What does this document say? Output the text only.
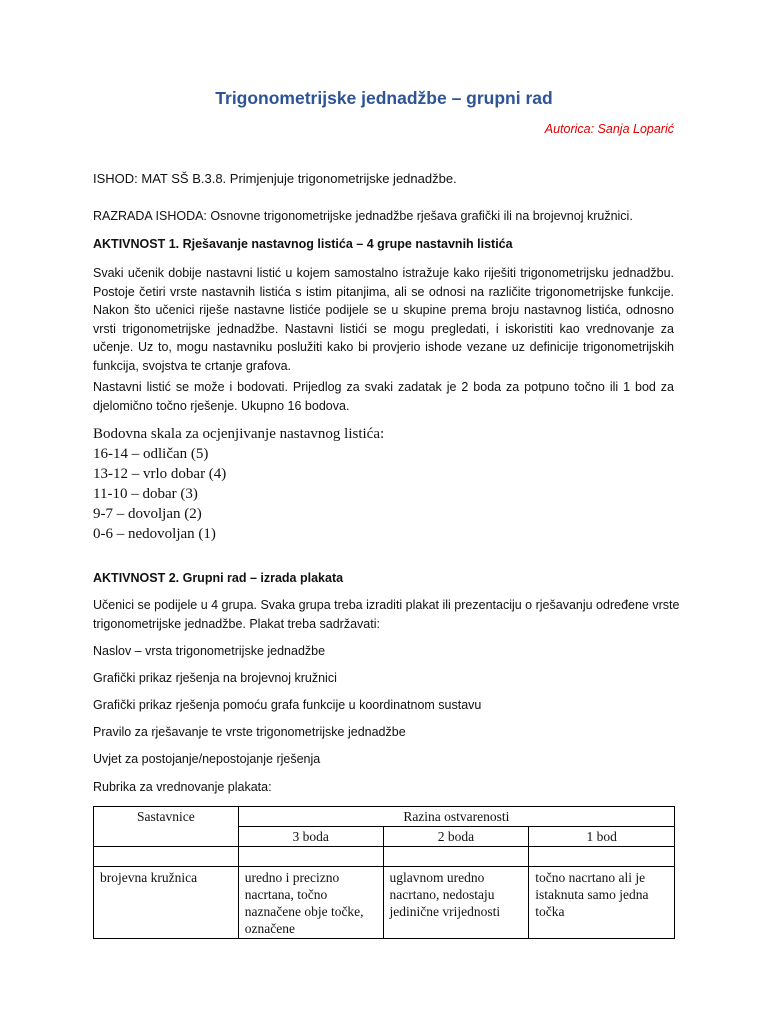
Trigonometrijske jednadžbe – grupni rad
Autorica: Sanja Loparić
ISHOD: MAT SŠ B.3.8. Primjenjuje trigonometrijske jednadžbe.
RAZRADA ISHODA: Osnovne trigonometrijske jednadžbe rješava grafički ili na brojevnoj kružnici.
AKTIVNOST 1. Rješavanje nastavnog listića – 4 grupe nastavnih listića
Svaki učenik dobije nastavni listić u kojem samostalno istražuje kako riješiti trigonometrijsku jednadžbu. Postoje četiri vrste nastavnih listića s istim pitanjima, ali se odnosi na različite trigonometrijske funkcije. Nakon što učenici riješe nastavne listiće podijele se u skupine prema broju nastavnog listića, odnosno vrsti trigonometrijske jednadžbe. Nastavni listići se mogu pregledati, i iskoristiti kao vrednovanje za učenje. Uz to, mogu nastavniku poslužiti kako bi provjerio ishode vezane uz definicije trigonometrijskih funkcija, svojstva te crtanje grafova.
Nastavni listić se može i bodovati. Prijedlog za svaki zadatak je 2 boda za potpuno točno ili 1 bod za djelomično točno rješenje. Ukupno 16 bodova.
Bodovna skala za ocjenjivanje nastavnog listića:
16-14 – odličan (5)
13-12 – vrlo dobar (4)
11-10 – dobar (3)
9-7 – dovoljan (2)
0-6 – nedovoljan (1)
AKTIVNOST 2. Grupni rad – izrada plakata
Učenici se podijele u 4 grupa. Svaka grupa treba izraditi plakat ili prezentaciju o rješavanju određene vrste trigonometrijske jednadžbe. Plakat treba sadržavati:
Naslov – vrsta trigonometrijske jednadžbe
Grafički prikaz rješenja na brojevnoj kružnici
Grafički prikaz rješenja pomoću grafa funkcije u koordinatnom sustavu
Pravilo za rješavanje te vrste trigonometrijske jednadžbe
Uvjet za postojanje/nepostojanje rješenja
Rubrika za vrednovanje plakata:
Sastavnice	Razina ostvarenosti		
	3 boda	2 boda	1 bod

brojevna kružnica	uredno i precizno nacrtana, točno naznačene obje točke, označene	uglavnom uredno nacrtano, nedostaju jedinične vrijednosti	točno nacrtano ali je istaknuta samo jedna točka
